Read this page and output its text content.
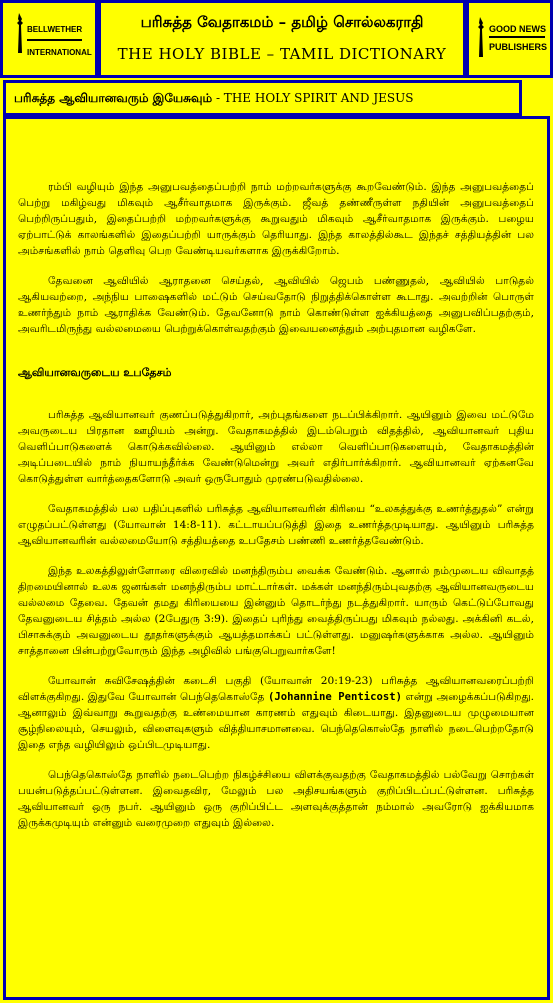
BELLWETHER
INTERNATIONAL
பரிசுத்த வேதாகமம் – தமிழ் சொல்லகராதி
THE HOLY BIBLE – TAMIL DICTIONARY
GOOD NEWS
PUBLISHERS
பரிசுத்த ஆவியானவரும் இயேசுவும் - THE HOLY SPIRIT AND JESUS

ரம்பி வழியும் இந்த அனுபவத்தைப்பற்றி நாம் மற்றவர்களுக்கு கூறவேண்டும். இந்த அனுபவத்தைப் பெற்று மகிழ்வது மிகவும் ஆசீர்வாதமாக இருக்கும். ஜீவத் தண்ணீருள்ள நதியின் அனுபவத்தைப் பெற்றிருப்பதும், இதைப்பற்றி மற்றவர்களுக்கு கூறுவதும் மிகவும் ஆசீர்வாதமாக இருக்கும். பழைய ஏற்பாட்டுக் காலங்களில் இதைப்பற்றி யாருக்கும் தெரியாது. இந்த காலத்தில்கூட இந்தச் சத்தியத்தின் பல அம்சங்களில் நாம் தெளிவு பெற வேண்டியவர்களாக இருக்கிறோம்.

தேவனை ஆவியில் ஆராதனை செய்தல், ஆவியில் ஜெபம் பண்ணுதல், ஆவியில் பாடுதல் ஆகியவற்றை, அந்நிய பாஷைகளில் மட்டும் செய்வதோடு நிறுத்திக்கொள்ள கூடாது. அவற்றின் பொருள் உணர்ந்தும் நாம் ஆராதிக்க வேண்டும். தேவனோடு நாம் கொண்டுள்ள ஐக்கியத்தை அனுபவிப்பதற்கும், அவரிடமிருந்து வல்லமையை பெற்றுக்கொள்வதற்கும் இவையனைத்தும் அற்புதமான வழிகளே.

ஆவியானவருடைய உபதேசம்

பரிசுத்த ஆவியானவர் குணப்படுத்துகிறார், அற்புதங்களை நடப்பிக்கிறார். ஆயினும் இவை மட்டுமே அவருடைய பிரதான ஊழியம் அன்று. வேதாகமத்தில் இடம்பெறும் விதத்தில், ஆவியானவர் புதிய வெளிப்பாடுகளைக் கொடுக்கவில்லை. ஆயினும் எல்லா வெளிப்பாடுகளையும், வேதாகமத்தின் அடிப்படையில் நாம் நியாயந்தீர்க்க வேண்டுமென்று அவர் எதிர்பார்க்கிறார். ஆவியானவர் ஏற்கனவே கொடுத்துள்ள வார்த்தைகளோடு அவர் ஒருபோதும் முரண்படுவதில்லை.

வேதாகமத்தில் பல பதிப்புகளில் பரிசுத்த ஆவியானவரின் கிரியை “உலகத்துக்கு உணர்த்துதல்” என்று எழுதப்பட்டுள்ளது (யோவான் 14:8-11). கட்டாயப்படுத்தி இதை உணர்த்தமுடியாது. ஆயினும் பரிசுத்த ஆவியானவரின் வல்லமையோடு சத்தியத்தை உபதேசம் பண்ணி உணர்த்தவேண்டும்.

இந்த உலகத்திலுள்ளோரை விரைவில் மனந்திரும்ப வைக்க வேண்டும். ஆனால் நம்முடைய விவாதத் திறமையினால் உலக ஜனங்கள் மனந்திரும்ப மாட்டார்கள். மக்கள் மனந்திரும்புவதற்கு ஆவியானவருடைய வல்லமை தேவை. தேவன் தமது கிரியையை இன்னும் தொடர்ந்து நடத்துகிறார். யாரும் கெட்டுப்போவது தேவனுடைய சித்தம் அல்ல (2பேதுரு 3:9). இதைப் புரிந்து வைத்திருப்பது மிகவும் நல்லது. அக்கினி கடல், பிசாசுக்கும் அவனுடைய தூதர்களுக்கும் ஆயத்தமாக்கப் பட்டுள்ளது. மனுஷர்களுக்காக அல்ல. ஆயினும் சாத்தானை பின்பற்றுவோரும் இந்த அழிவில் பங்குபெறுவார்களே!

யோவான் சுவிசேஷத்தின் கடைசி பகுதி (யோவான் 20:19-23) பரிசுத்த ஆவியானவரைப்பற்றி விளக்குகிறது. இதுவே யோவான் பெந்தெகொஸ்தே (Johannine Penticost) என்று அழைக்கப்படுகிறது. ஆனாலும் இவ்வாறு கூறுவதற்கு உண்மையான காரணம் எதுவும் கிடையாது. இதனுடைய முழுமையான சூழ்நிலையும், செயலும், விளைவுகளும் வித்தியாசமானவை. பெந்தெகொஸ்தே நாளில் நடைபெற்றதோடு இதை எந்த வழியிலும் ஒப்பிடமுடியாது.

பெந்தெகொஸ்தே நாளில் நடைபெற்ற நிகழ்ச்சியை விளக்குவதற்கு வேதாகமத்தில் பல்வேறு சொற்கள் பயன்படுத்தப்பட்டுள்ளன. இவைதவிர, மேலும் பல அதிசயங்களும் குறிப்பிடப்பட்டுள்ளன. பரிசுத்த ஆவியானவர் ஒரு நபர். ஆயினும் ஒரு குறிப்பிட்ட அளவுக்குத்தான் நம்மால் அவரோடு ஐக்கியமாக இருக்கமுடியும் என்னும் வரைமுறை எதுவும் இல்லை.
